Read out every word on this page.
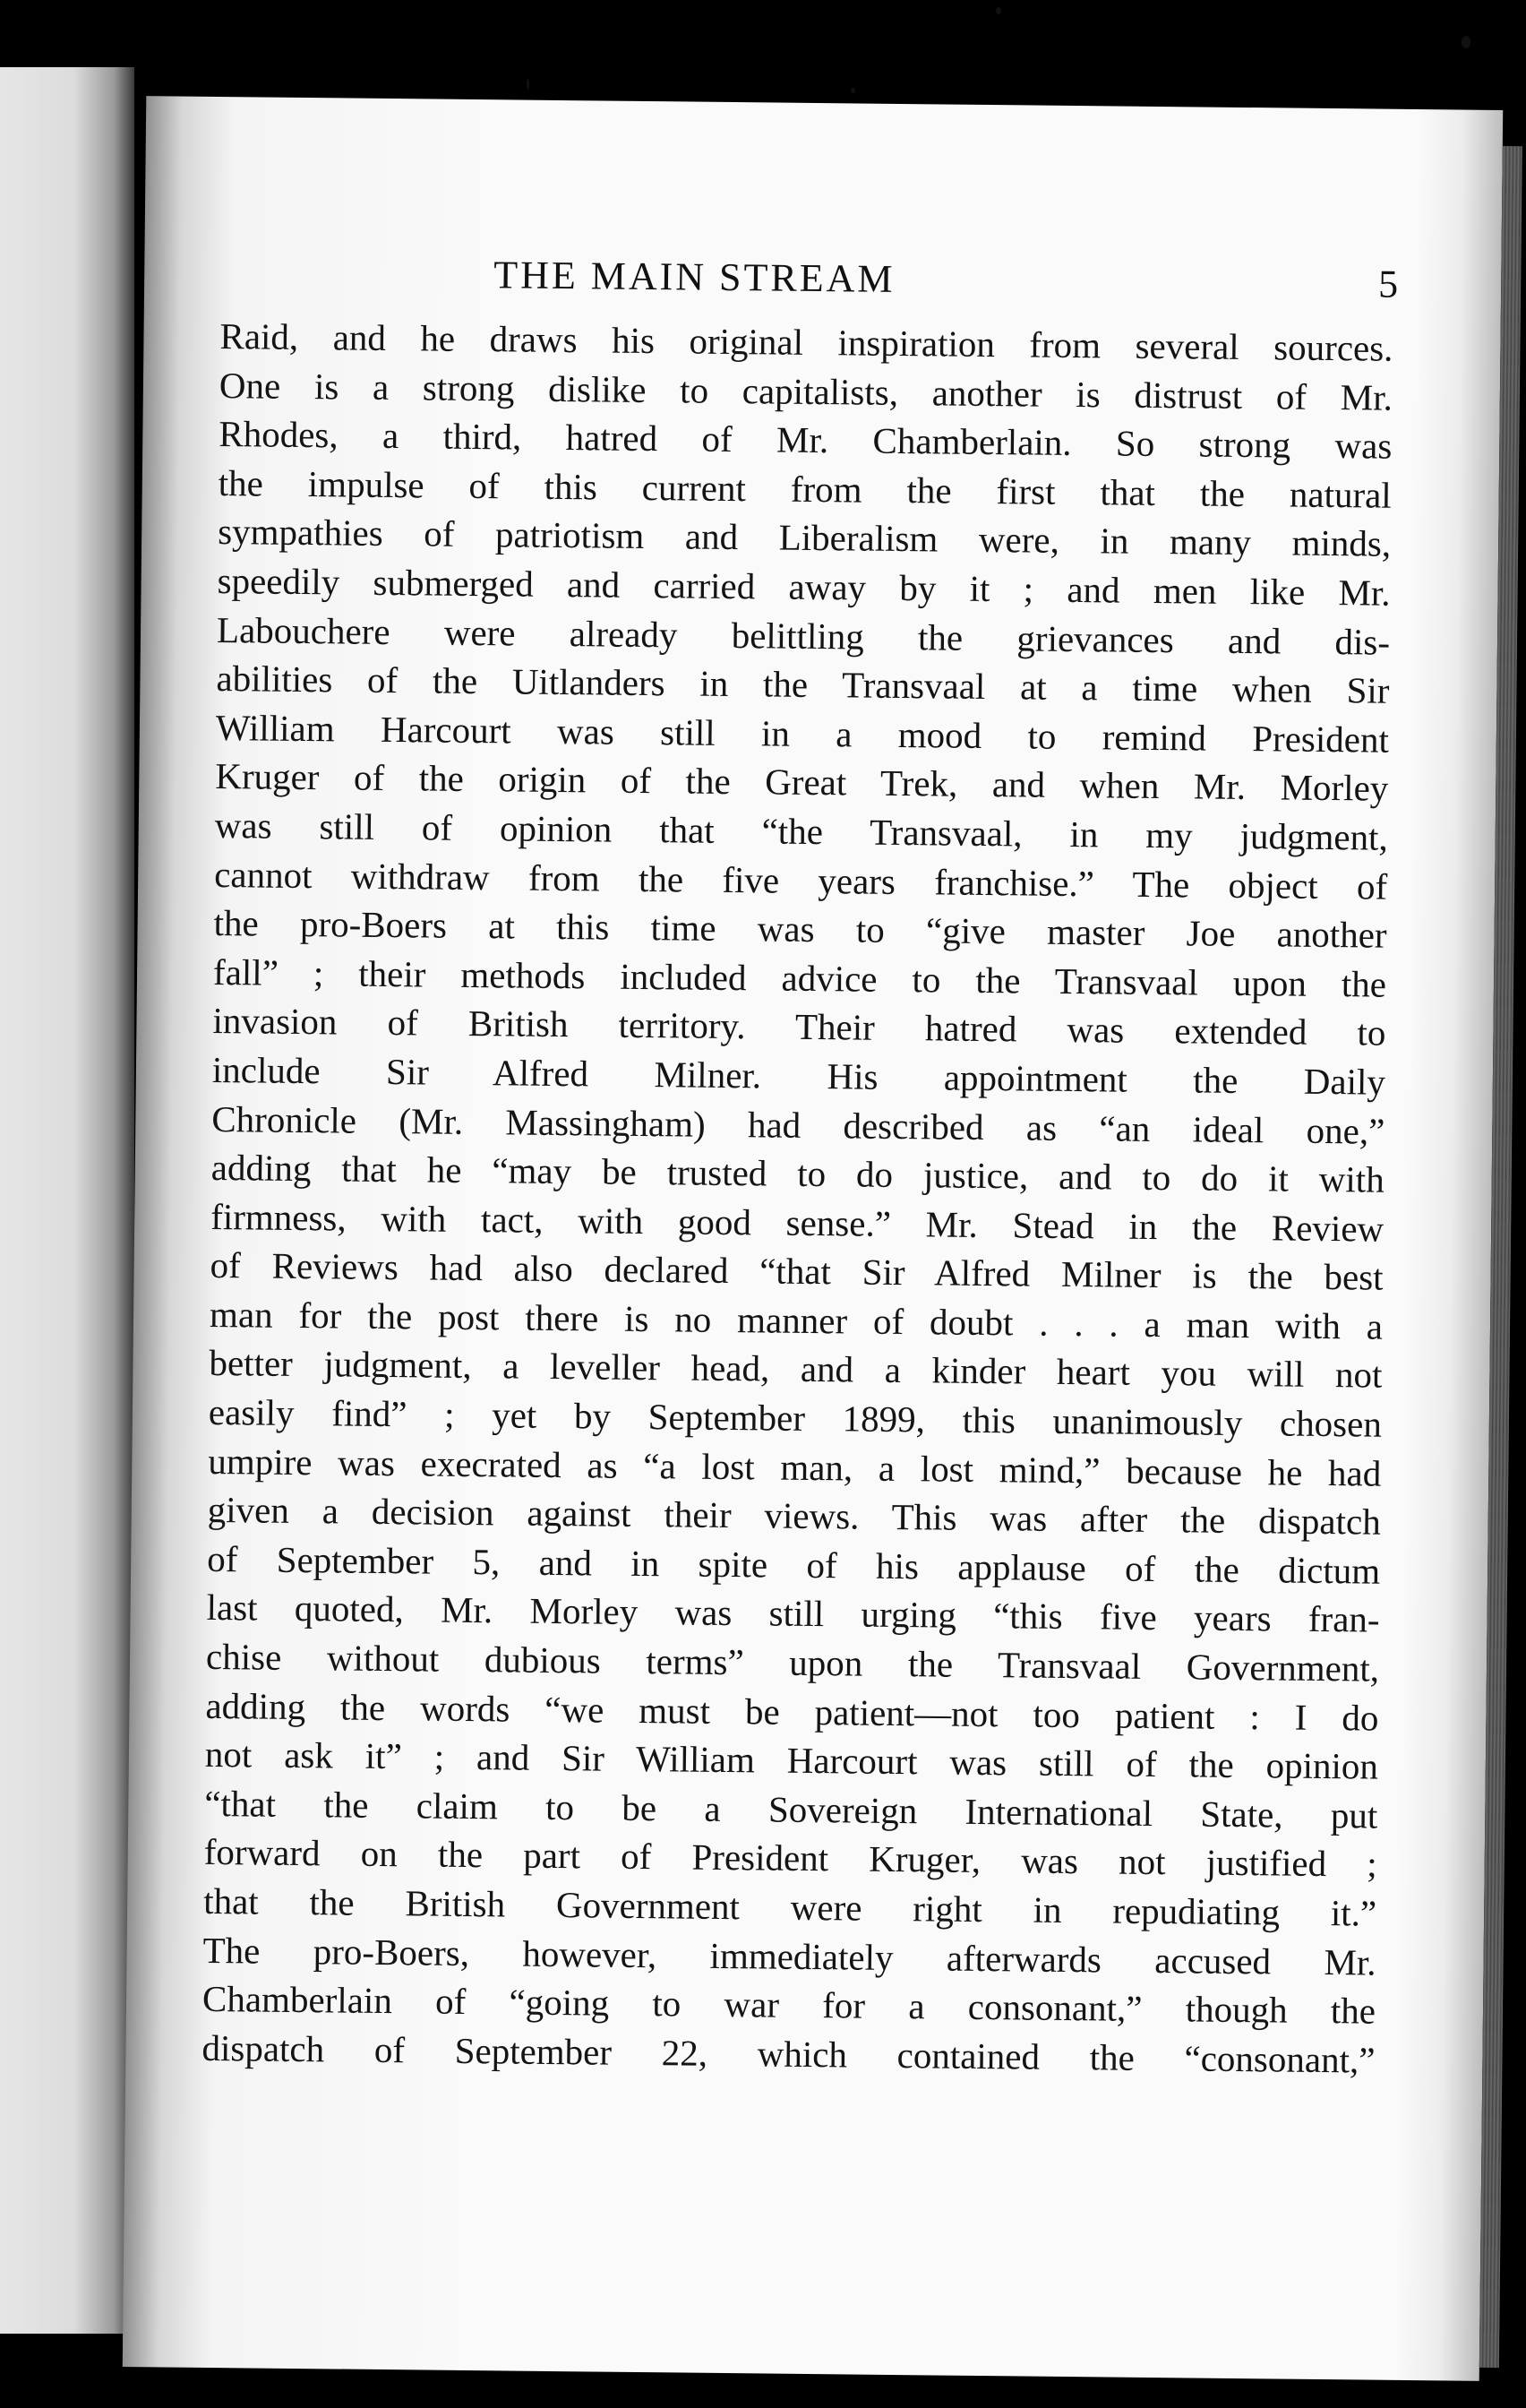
THE MAIN STREAM	5
Raid, and he draws his original inspiration from several sources.
One is a strong dislike to capitalists, another is distrust of Mr.
Rhodes, a third, hatred of Mr. Chamberlain. So strong was
the impulse of this current from the first that the natural
sympathies of patriotism and Liberalism were, in many minds,
speedily submerged and carried away by it ; and men like Mr.
Labouchere were already belittling the grievances and dis-
abilities of the Uitlanders in the Transvaal at a time when Sir
William Harcourt was still in a mood to remind President
Kruger of the origin of the Great Trek, and when Mr. Morley
was still of opinion that “the Transvaal, in my judgment,
cannot withdraw from the five years franchise.” The object of
the pro-Boers at this time was to “give master Joe another
fall” ; their methods included advice to the Transvaal upon the
invasion of British territory. Their hatred was extended to
include Sir Alfred Milner. His appointment the Daily
Chronicle (Mr. Massingham) had described as “an ideal one,”
adding that he “may be trusted to do justice, and to do it with
firmness, with tact, with good sense.” Mr. Stead in the Review
of Reviews had also declared “that Sir Alfred Milner is the best
man for the post there is no manner of doubt . . . a man with a
better judgment, a leveller head, and a kinder heart you will not
easily find” ; yet by September 1899, this unanimously chosen
umpire was execrated as “a lost man, a lost mind,” because he had
given a decision against their views. This was after the dispatch
of September 5, and in spite of his applause of the dictum
last quoted, Mr. Morley was still urging “this five years fran-
chise without dubious terms” upon the Transvaal Government,
adding the words “we must be patient—not too patient : I do
not ask it” ; and Sir William Harcourt was still of the opinion
“that the claim to be a Sovereign International State, put
forward on the part of President Kruger, was not justified ;
that the British Government were right in repudiating it.”
The pro-Boers, however, immediately afterwards accused Mr.
Chamberlain of “going to war for a consonant,” though the
dispatch of September 22, which contained the “consonant,”
